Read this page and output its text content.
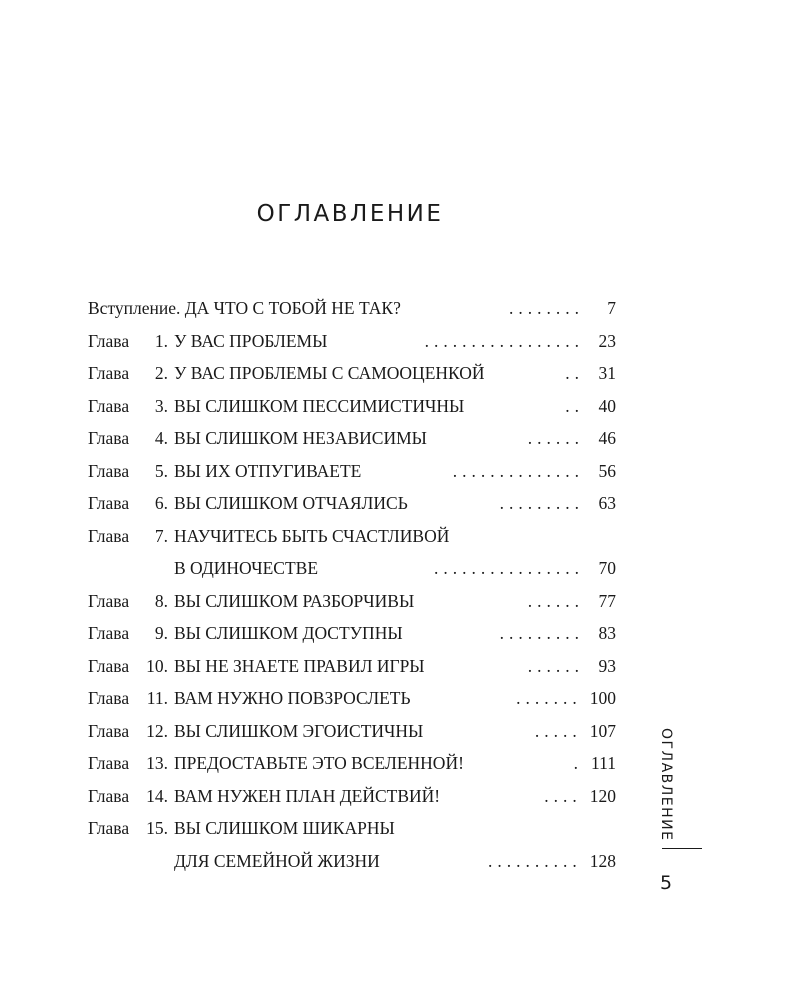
ОГЛАВЛЕНИЕ
Вступление. ДА ЧТО С ТОБОЙ НЕ ТАК?	........	7
Глава 1. У ВАС ПРОБЛЕМЫ	................. 23
Глава 2. У ВАС ПРОБЛЕМЫ С САМООЦЕНКОЙ	.. 31
Глава 3. ВЫ СЛИШКОМ ПЕССИМИСТИЧНЫ	.. 40
Глава 4. ВЫ СЛИШКОМ НЕЗАВИСИМЫ	...... 46
Глава 5. ВЫ ИХ ОТПУГИВАЕТЕ	.............. 56
Глава 6. ВЫ СЛИШКОМ ОТЧАЯЛИСЬ	......... 63
Глава 7. НАУЧИТЕСЬ БЫТЬ СЧАСТЛИВОЙ
В ОДИНОЧЕСТВЕ	................ 70
Глава 8. ВЫ СЛИШКОМ РАЗБОРЧИВЫ	...... 77
Глава 9. ВЫ СЛИШКОМ ДОСТУПНЫ	......... 83
Глава 10. ВЫ НЕ ЗНАЕТЕ ПРАВИЛ ИГРЫ	...... 93
Глава 11. ВАМ НУЖНО ПОВЗРОСЛЕТЬ	....... 100
Глава 12. ВЫ СЛИШКОМ ЭГОИСТИЧНЫ	..... 107
Глава 13. ПРЕДОСТАВЬТЕ ЭТО ВСЕЛЕННОЙ!	. 111
Глава 14. ВАМ НУЖЕН ПЛАН ДЕЙСТВИЙ!	.... 120
Глава 15. ВЫ СЛИШКОМ ШИКАРНЫ
ДЛЯ СЕМЕЙНОЙ ЖИЗНИ	.......... 128
ОГЛАВЛЕНИЕ
5
